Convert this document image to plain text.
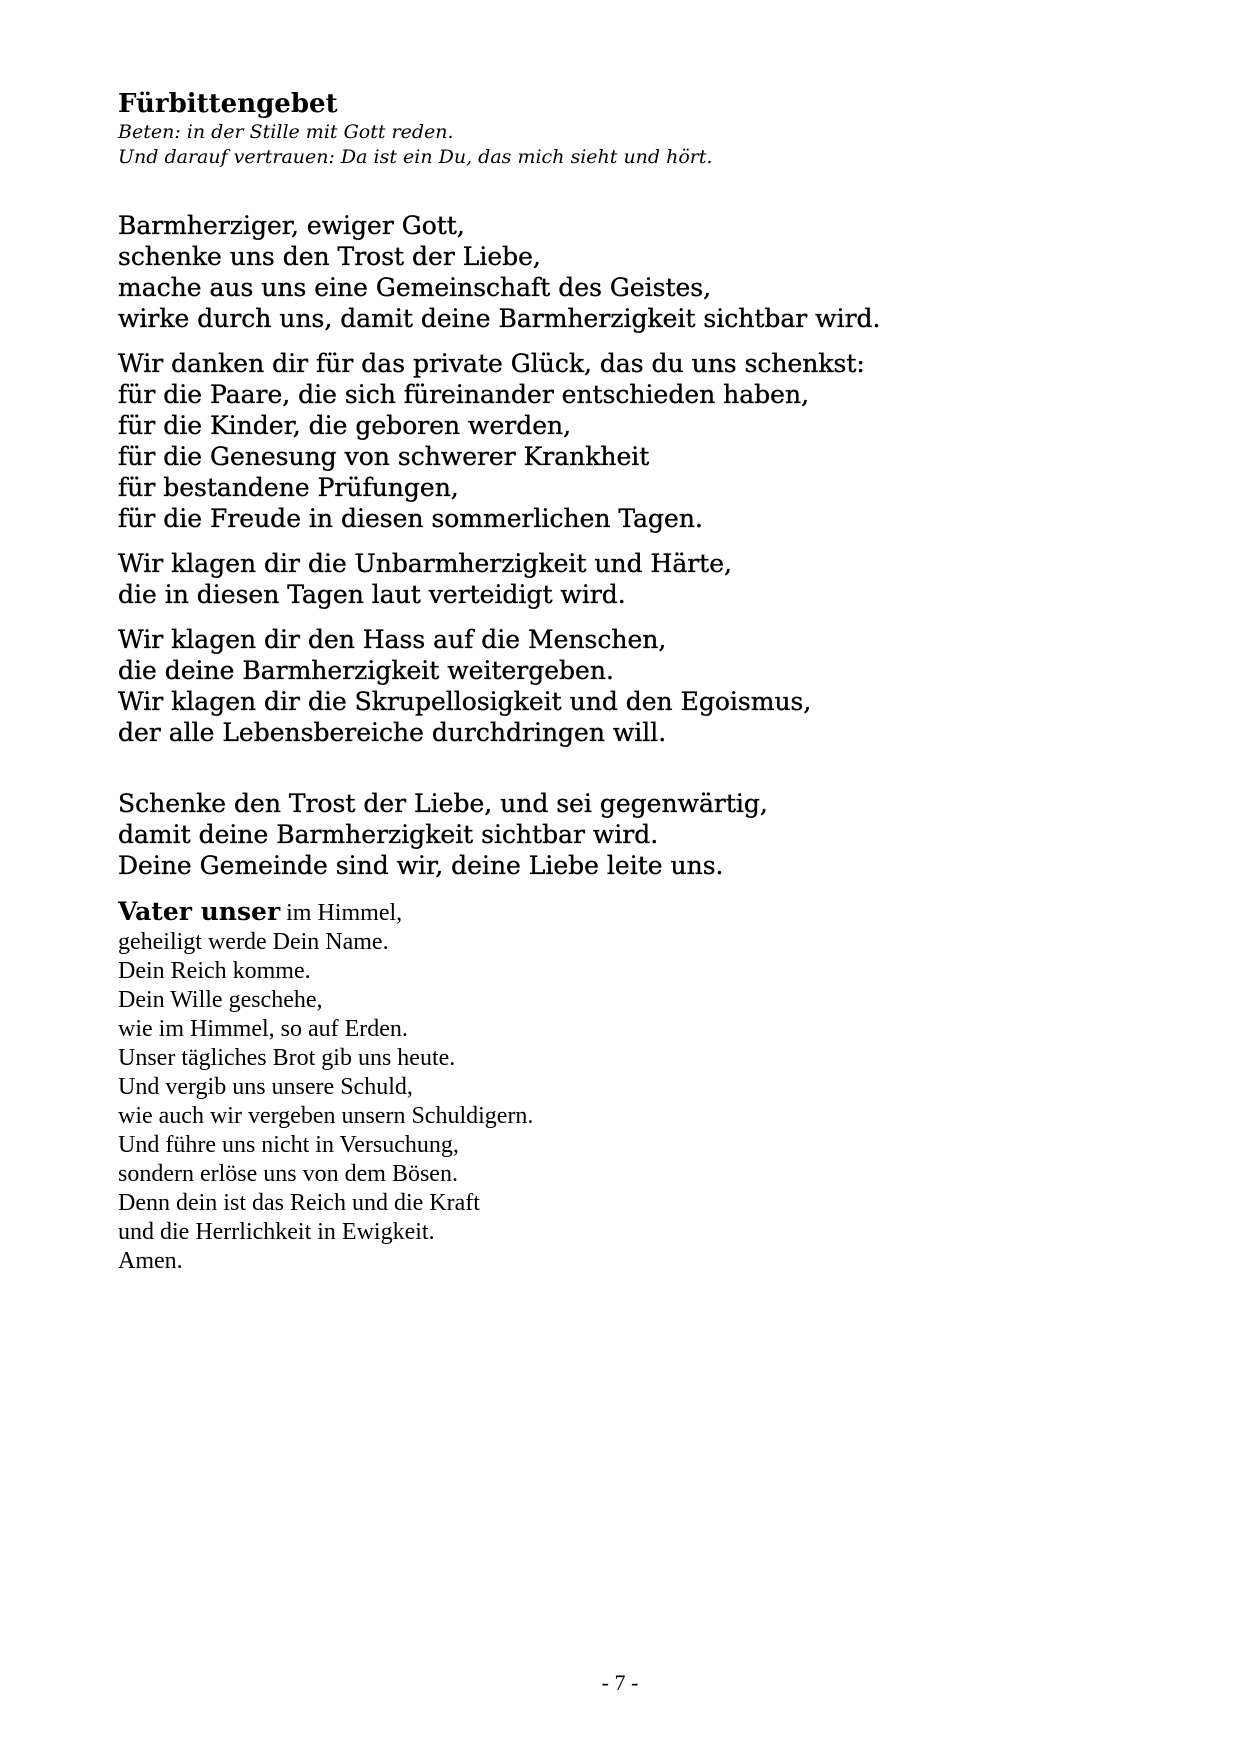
Fürbittengebet
Beten: in der Stille mit Gott reden.
Und darauf vertrauen: Da ist ein Du, das mich sieht und hört.
Barmherziger, ewiger Gott,
schenke uns den Trost der Liebe,
mache aus uns eine Gemeinschaft des Geistes,
wirke durch uns, damit deine Barmherzigkeit sichtbar wird.
Wir danken dir für das private Glück, das du uns schenkst:
für die Paare, die sich füreinander entschieden haben,
für die Kinder, die geboren werden,
für die Genesung von schwerer Krankheit
für bestandene Prüfungen,
für die Freude in diesen sommerlichen Tagen.
Wir klagen dir die Unbarmherzigkeit und Härte,
die in diesen Tagen laut verteidigt wird.
Wir klagen dir den Hass auf die Menschen,
die deine Barmherzigkeit weitergeben.
Wir klagen dir die Skrupellosigkeit und den Egoismus,
der alle Lebensbereiche durchdringen will.
Schenke den Trost der Liebe, und sei gegenwärtig,
damit deine Barmherzigkeit sichtbar wird.
Deine Gemeinde sind wir, deine Liebe leite uns.
Vater unser im Himmel,
geheiligt werde Dein Name.
Dein Reich komme.
Dein Wille geschehe,
wie im Himmel, so auf Erden.
Unser tägliches Brot gib uns heute.
Und vergib uns unsere Schuld,
wie auch wir vergeben unsern Schuldigern.
Und führe uns nicht in Versuchung,
sondern erlöse uns von dem Bösen.
Denn dein ist das Reich und die Kraft
und die Herrlichkeit in Ewigkeit.
Amen.
- 7 -
